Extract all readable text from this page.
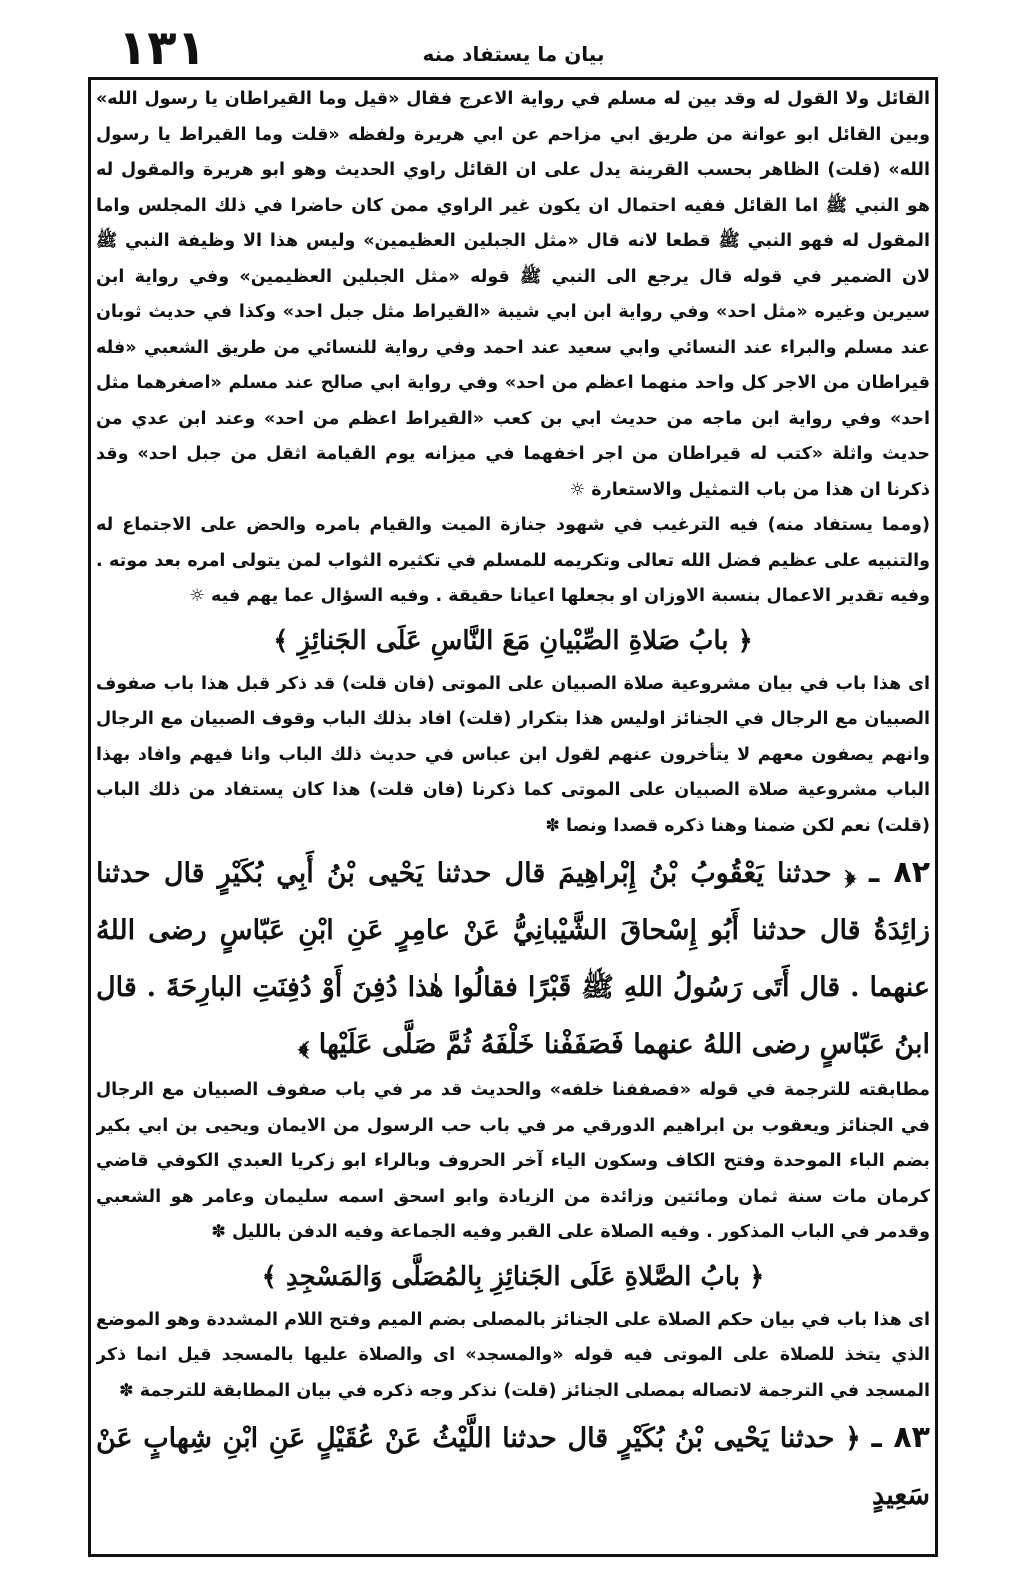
١٣١	بيان ما يستفاد منه

القائل ولا القول له وقد بين له مسلم في رواية الاعرج فقال «قيل وما القيراطان يا رسول الله» وبين القائل ابو عوانة من طريق ابي مزاحم عن ابي هريرة ولفظه «قلت وما القيراط يا رسول الله» (قلت) الظاهر بحسب القرينة يدل على ان القائل راوي الحديث وهو ابو هريرة والمقول له هو النبي ﷺ اما القائل ففيه احتمال ان يكون غير الراوي ممن كان حاضرا في ذلك المجلس واما المقول له فهو النبي ﷺ قطعا لانه قال «مثل الجبلين العظيمين» وليس هذا الا وظيفة النبي ﷺ لان الضمير في قوله قال يرجع الى النبي ﷺ قوله «مثل الجبلين العظيمين» وفي رواية ابن سيرين وغيره «مثل احد» وفي رواية ابن ابي شيبة «القيراط مثل جبل احد» وكذا في حديث ثوبان عند مسلم والبراء عند النسائي وابي سعيد عند احمد وفي رواية للنسائي من طريق الشعبي «فله قيراطان من الاجر كل واحد منهما اعظم من احد» وفي رواية ابي صالح عند مسلم «اصغرهما مثل احد» وفي رواية ابن ماجه من حديث ابي بن كعب «القيراط اعظم من احد» وعند ابن عدي من حديث واثلة «كتب له قيراطان من اجر اخفهما في ميزانه يوم القيامة اثقل من جبل احد» وقد ذكرنا ان هذا من باب التمثيل والاستعارة ☼

(ومما يستفاد منه) فيه الترغيب في شهود جنازة الميت والقيام بامره والحض على الاجتماع له والتنبيه على عظيم فضل الله تعالى وتكريمه للمسلم في تكثيره الثواب لمن يتولى امره بعد موته . وفيه تقدير الاعمال بنسبة الاوزان او بجعلها اعيانا حقيقة . وفيه السؤال عما يهم فيه ☼

﴿ بابُ صَلاةِ الصِّبْيانِ مَعَ النَّاسِ عَلَى الجَنائِزِ ﴾

اى هذا باب في بيان مشروعية صلاة الصبيان على الموتى (فان قلت) قد ذكر قبل هذا باب صفوف الصبيان مع الرجال في الجنائز اوليس هذا بتكرار (قلت) افاد بذلك الباب وقوف الصبيان مع الرجال وانهم يصفون معهم لا يتأخرون عنهم لقول ابن عباس في حديث ذلك الباب وانا فيهم وافاد بهذا الباب مشروعية صلاة الصبيان على الموتى كما ذكرنا (فان قلت) هذا كان يستفاد من ذلك الباب (قلت) نعم لكن ضمنا وهنا ذكره قصدا ونصا ✽

٨٢ ـ ﴿ حدثنا يَعْقُوبُ بْنُ إِبْراهِيمَ قال حدثنا يَحْيى بْنُ أَبِي بُكَيْرٍ قال حدثنا زائِدَةُ قال حدثنا أَبُو إِسْحاقَ الشَّيْبانِيُّ عَنْ عامِرٍ عَنِ ابْنِ عَبّاسٍ رضى اللهُ عنهما . قال أَتَى رَسُولُ اللهِ ﷺ قَبْرًا فقالُوا هٰذا دُفِنَ أَوْ دُفِنَتِ البارِحَةَ . قال ابنُ عَبّاسٍ رضى اللهُ عنهما فَصَفَفْنا خَلْفَهُ ثُمَّ صَلَّى عَلَيْها ﴾

مطابقته للترجمة في قوله «فصففنا خلفه» والحديث قد مر في باب صفوف الصبيان مع الرجال في الجنائز ويعقوب بن ابراهيم الدورقي مر في باب حب الرسول من الايمان ويحيى بن ابي بكير بضم الباء الموحدة وفتح الكاف وسكون الياء آخر الحروف وبالراء ابو زكريا العبدي الكوفي قاضي كرمان مات سنة ثمان ومائتين وزائدة من الزيادة وابو اسحق اسمه سليمان وعامر هو الشعبي وقدمر في الباب المذكور . وفيه الصلاة على القبر وفيه الجماعة وفيه الدفن بالليل ✽

﴿ بابُ الصَّلاةِ عَلَى الجَنائِزِ بِالمُصَلَّى وَالمَسْجِدِ ﴾

اى هذا باب في بيان حكم الصلاة على الجنائز بالمصلى بضم الميم وفتح اللام المشددة وهو الموضع الذي يتخذ للصلاة على الموتى فيه قوله «والمسجد» اى والصلاة عليها بالمسجد قيل انما ذكر المسجد في الترجمة لاتصاله بمصلى الجنائز (قلت) نذكر وجه ذكره في بيان المطابقة للترجمة ✽

٨٣ ـ ﴿ حدثنا يَحْيى بْنُ بُكَيْرٍ قال حدثنا اللَّيْثُ عَنْ عُقَيْلٍ عَنِ ابْنِ شِهابٍ عَنْ سَعِيدٍ
